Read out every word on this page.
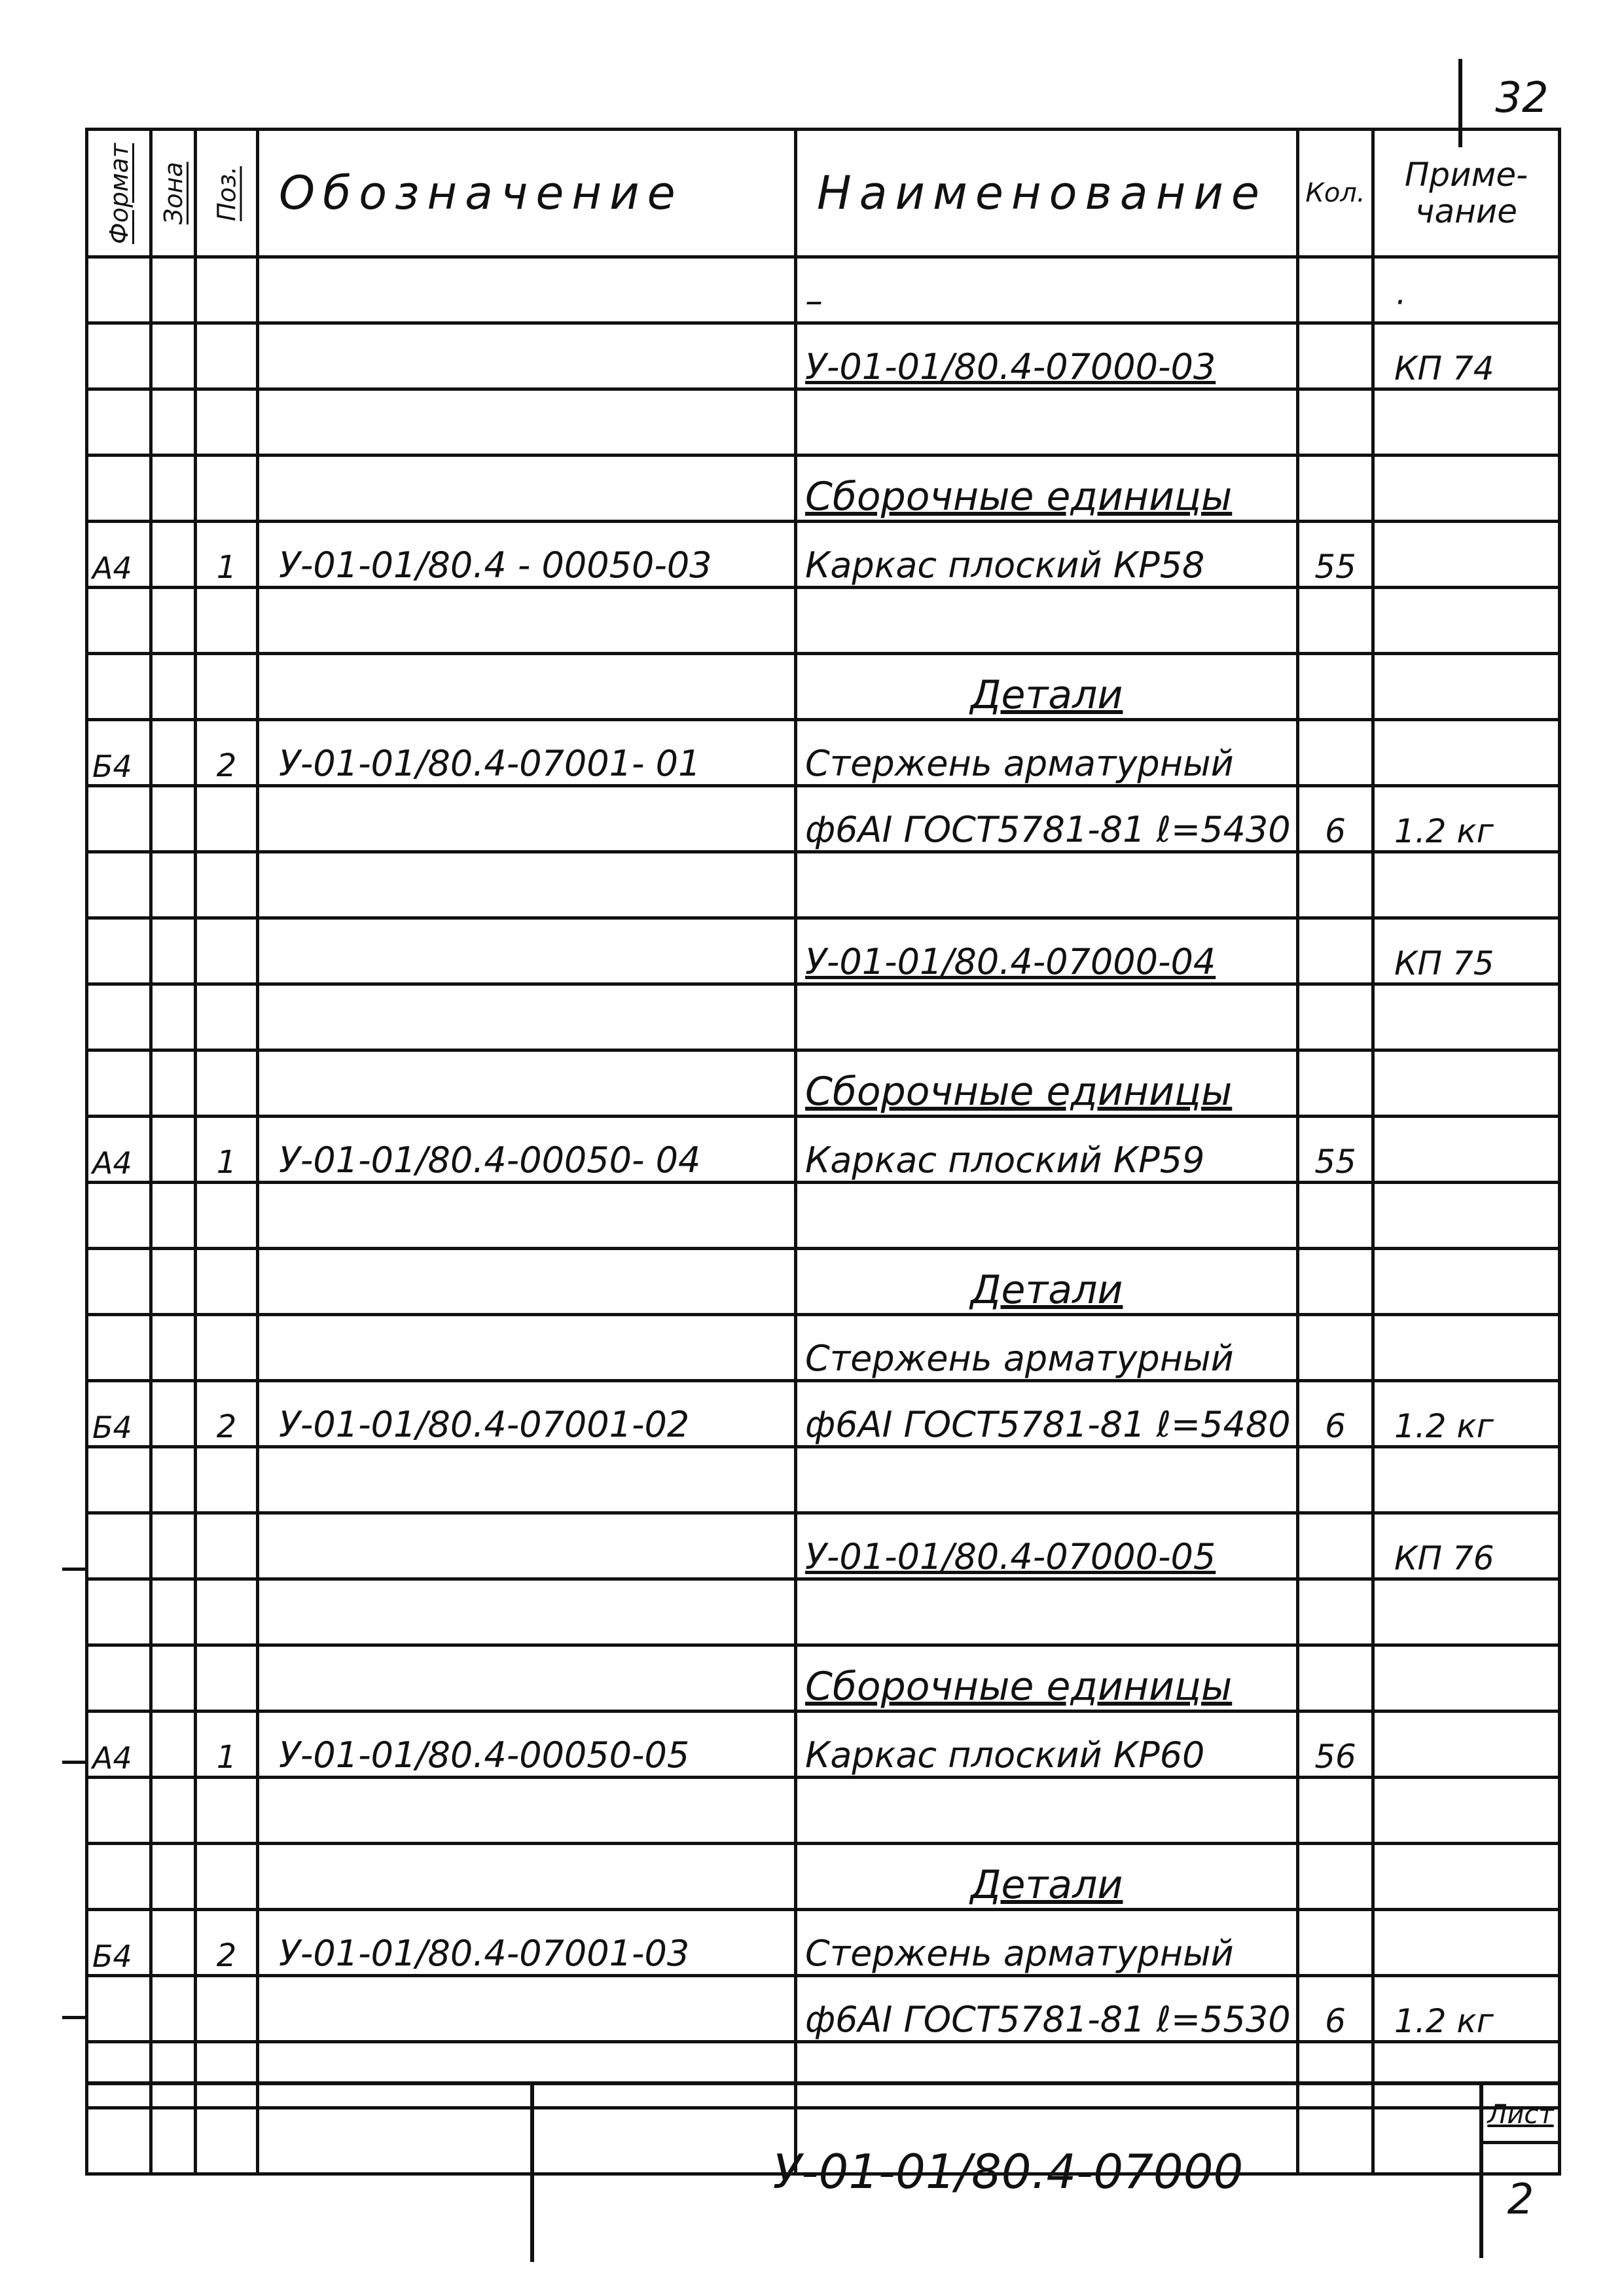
32
Формат	Зона	Поз.	Обозначение	Наименование	Кол.	Приме- чание
				–		·
				У-01-01/80.4-07000-03		КП 74

				Сборочные единицы		
А4		1	У-01-01/80.4 - 00050-03	Каркас плоский КР58	55	

				Детали		
Б4		2	У-01-01/80.4-07001- 01	Стержень арматурный		
				ф6АI ГОСТ5781-81 ℓ=5430	6	1.2 кг

				У-01-01/80.4-07000-04		КП 75

				Сборочные единицы		
А4		1	У-01-01/80.4-00050- 04	Каркас плоский КР59	55	

				Детали		
				Стержень арматурный		
Б4		2	У-01-01/80.4-07001-02	ф6АI ГОСТ5781-81 ℓ=5480	6	1.2 кг

				У-01-01/80.4-07000-05		КП 76

				Сборочные единицы		
А4		1	У-01-01/80.4-00050-05	Каркас плоский КР60	56	

				Детали		
Б4		2	У-01-01/80.4-07001-03	Стержень арматурный		
				ф6АI ГОСТ5781-81 ℓ=5530	6	1.2 кг

У-01-01/80.4-07000
Лист
2
